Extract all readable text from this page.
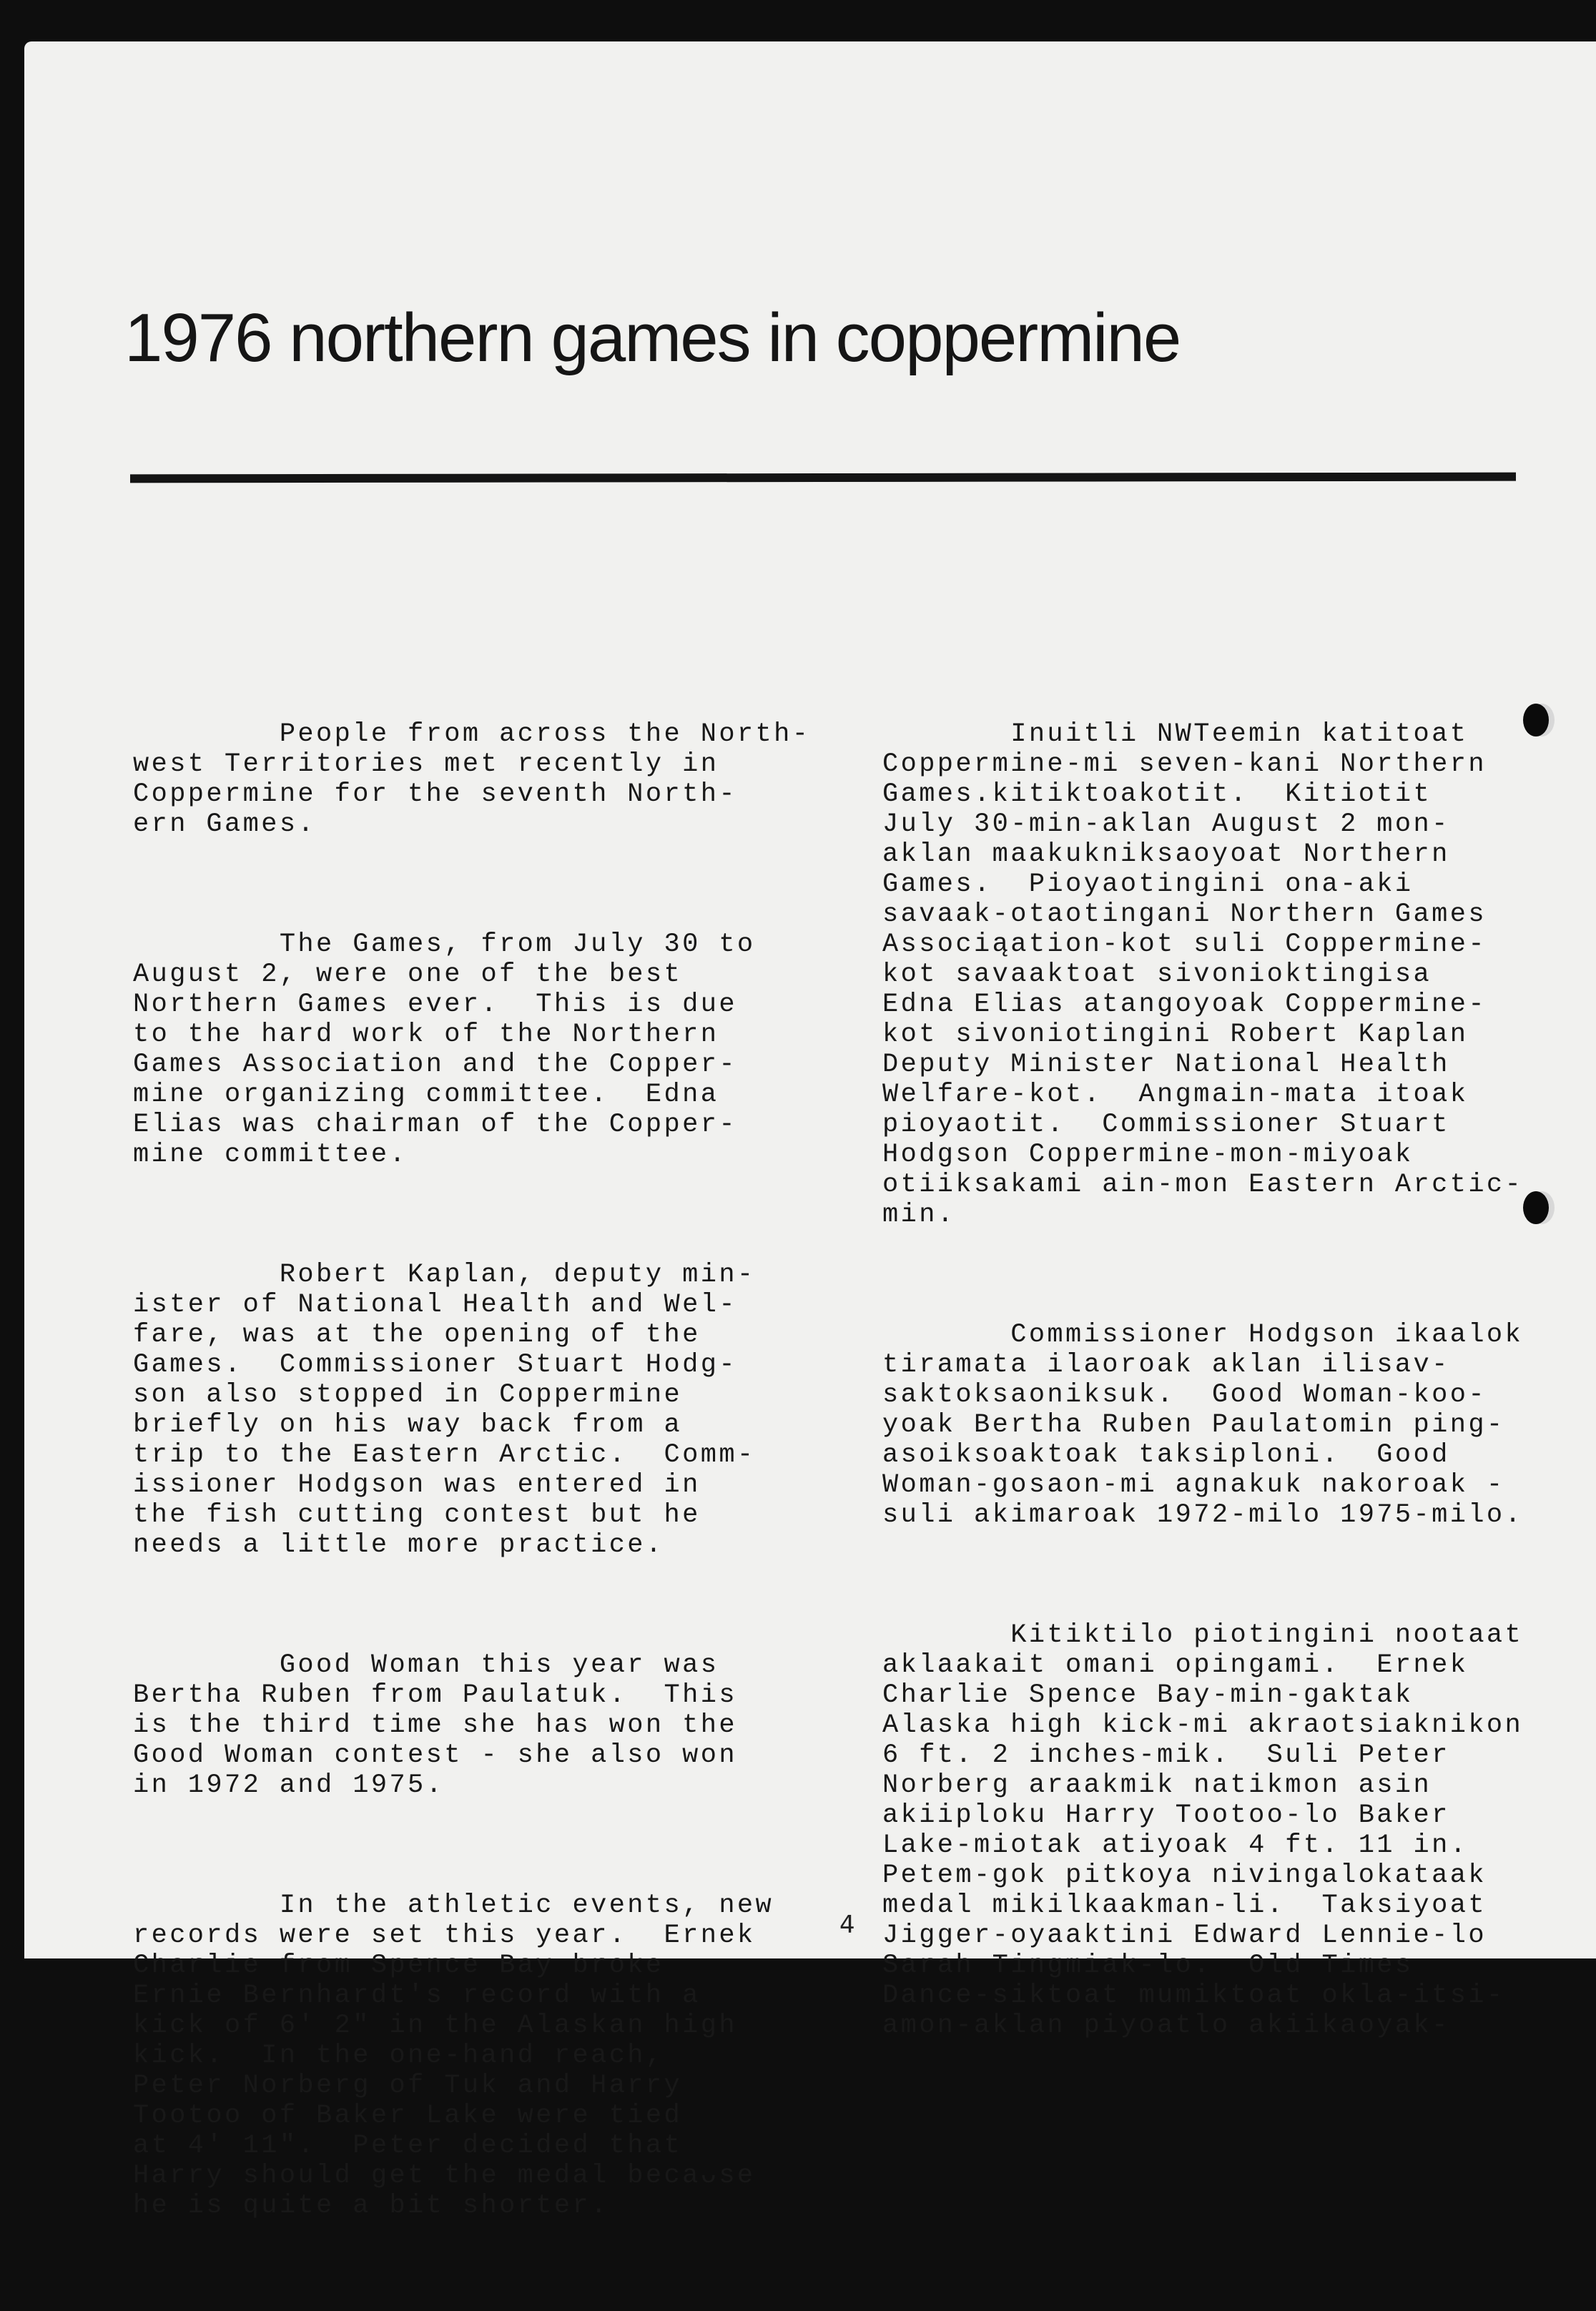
1976 northern games in coppermine

People from across the North-
west Territories met recently in
Coppermine for the seventh North-
ern Games.

The Games, from July 30 to
August 2, were one of the best
Northern Games ever.  This is due
to the hard work of the Northern
Games Association and the Copper-
mine organizing committee.  Edna
Elias was chairman of the Copper-
mine committee.

Robert Kaplan, deputy min-
ister of National Health and Wel-
fare, was at the opening of the
Games.  Commissioner Stuart Hodg-
son also stopped in Coppermine
briefly on his way back from a
trip to the Eastern Arctic.  Comm-
issioner Hodgson was entered in
the fish cutting contest but he
needs a little more practice.

Good Woman this year was
Bertha Ruben from Paulatuk.  This
is the third time she has won the
Good Woman contest - she also won
in 1972 and 1975.

In the athletic events, new
records were set this year.  Ernek
Charlie from Spence Bay broke
Ernie Bernhardt's record with a
kick of 6' 2" in the Alaskan high
kick.  In the one-hand reach,
Peter Norberg of Tuk and Harry
Tootoo of Baker Lake were tied
at 4' 11".  Peter decided that
Harry should get the medal becaᴗse
he is quite a bit shorter.

Inuitli NWTeemin katitoat
Coppermine-mi seven-kani Northern
Games.kitiktoakotit.  Kitiotit
July 30-min-aklan August 2 mon-
aklan maakukniksaoyoat Northern
Games.  Pioyaotingini ona-aki
savaak-otaotingani Northern Games
Associąation-kot suli Coppermine-
kot savaaktoat sivonioktingisa
Edna Elias atangoyoak Coppermine-
kot sivoniotingini Robert Kaplan
Deputy Minister National Health
Welfare-kot.  Angmain-mata itoak
pioyaotit.  Commissioner Stuart
Hodgson Coppermine-mon-miyoak
otiiksakami ain-mon Eastern Arctic-
min.

Commissioner Hodgson ikaalok
tiramata ilaoroak aklan ilisav-
saktoksaoniksuk.  Good Woman-koo-
yoak Bertha Ruben Paulatomin ping-
asoiksoaktoak taksiploni.  Good
Woman-gosaon-mi agnakuk nakoroak -
suli akimaroak 1972-milo 1975-milo.

Kitiktilo piotingini nootaat
aklaakait omani opingami.  Ernek
Charlie Spence Bay-min-gaktak
Alaska high kick-mi akraotsiaknikon
6 ft. 2 inches-mik.  Suli Peter
Norberg araakmik natikmon asin
akiiploku Harry Tootoo-lo Baker
Lake-miotak atiyoak 4 ft. 11 in.
Petem-gok pitkoya nivingalokataak
medal mikilkaakman-li.  Taksiyoat
Jigger-oyaaktini Edward Lennie-lo
Sarah Tingmiak-lo.  Old Times
Dance-siktoat mumiktoat okla-itsi-
amon-aklan piyoatlo akiikaoyak-

4
